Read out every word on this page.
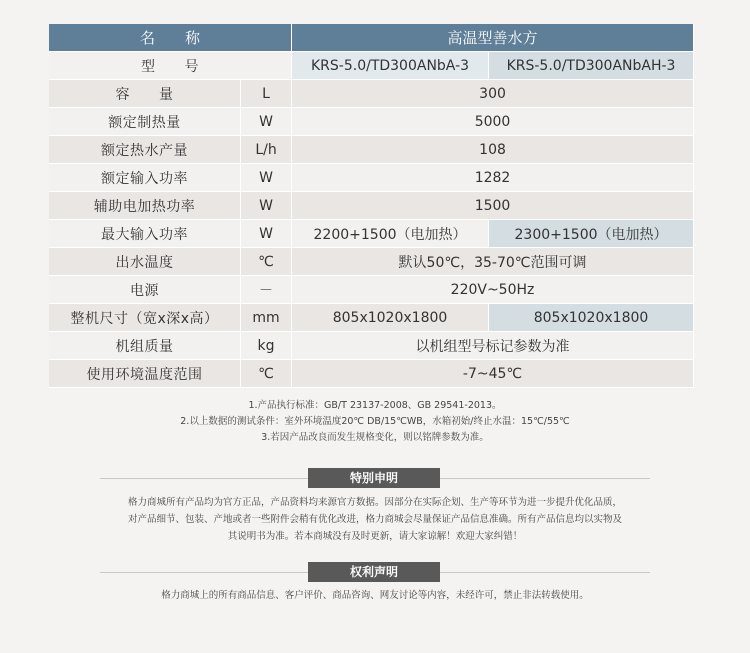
名　　称		高温型善水方	
型　　号		KRS-5.0/TD300ANbA-3	KRS-5.0/TD300ANbAH-3
容　　量	L	300	
额定制热量	W	5000	
额定热水产量	L/h	108	
额定输入功率	W	1282	
辅助电加热功率	W	1500	
最大输入功率	W	2200+1500（电加热）	2300+1500（电加热）
出水温度	℃	默认50℃，35-70℃范围可调	
电源	－	220V~50Hz	
整机尺寸（宽x深x高）	mm	805x1020x1800	805x1020x1800
机组质量	kg	以机组型号标记参数为准	
使用环境温度范围	℃	-7~45℃	
1.产品执行标准：GB/T 23137-2008、GB 29541-2013。
2.以上数据的测试条件：室外环境温度20℃ DB/15℃WB，水箱初始/终止水温：15℃/55℃
3.若因产品改良而发生规格变化，则以铭牌参数为准。
特别申明
格力商城所有产品均为官方正品，产品资料均来源官方数据。因部分在实际企划、生产等环节为进一步提升优化品质，
对产品细节、包装、产地或者一些附件会稍有优化改进，格力商城会尽量保证产品信息准确。所有产品信息均以实物及
其说明书为准。若本商城没有及时更新，请大家谅解！欢迎大家纠错！
权利声明
格力商城上的所有商品信息、客户评价、商品咨询、网友讨论等内容，未经许可，禁止非法转载使用。
